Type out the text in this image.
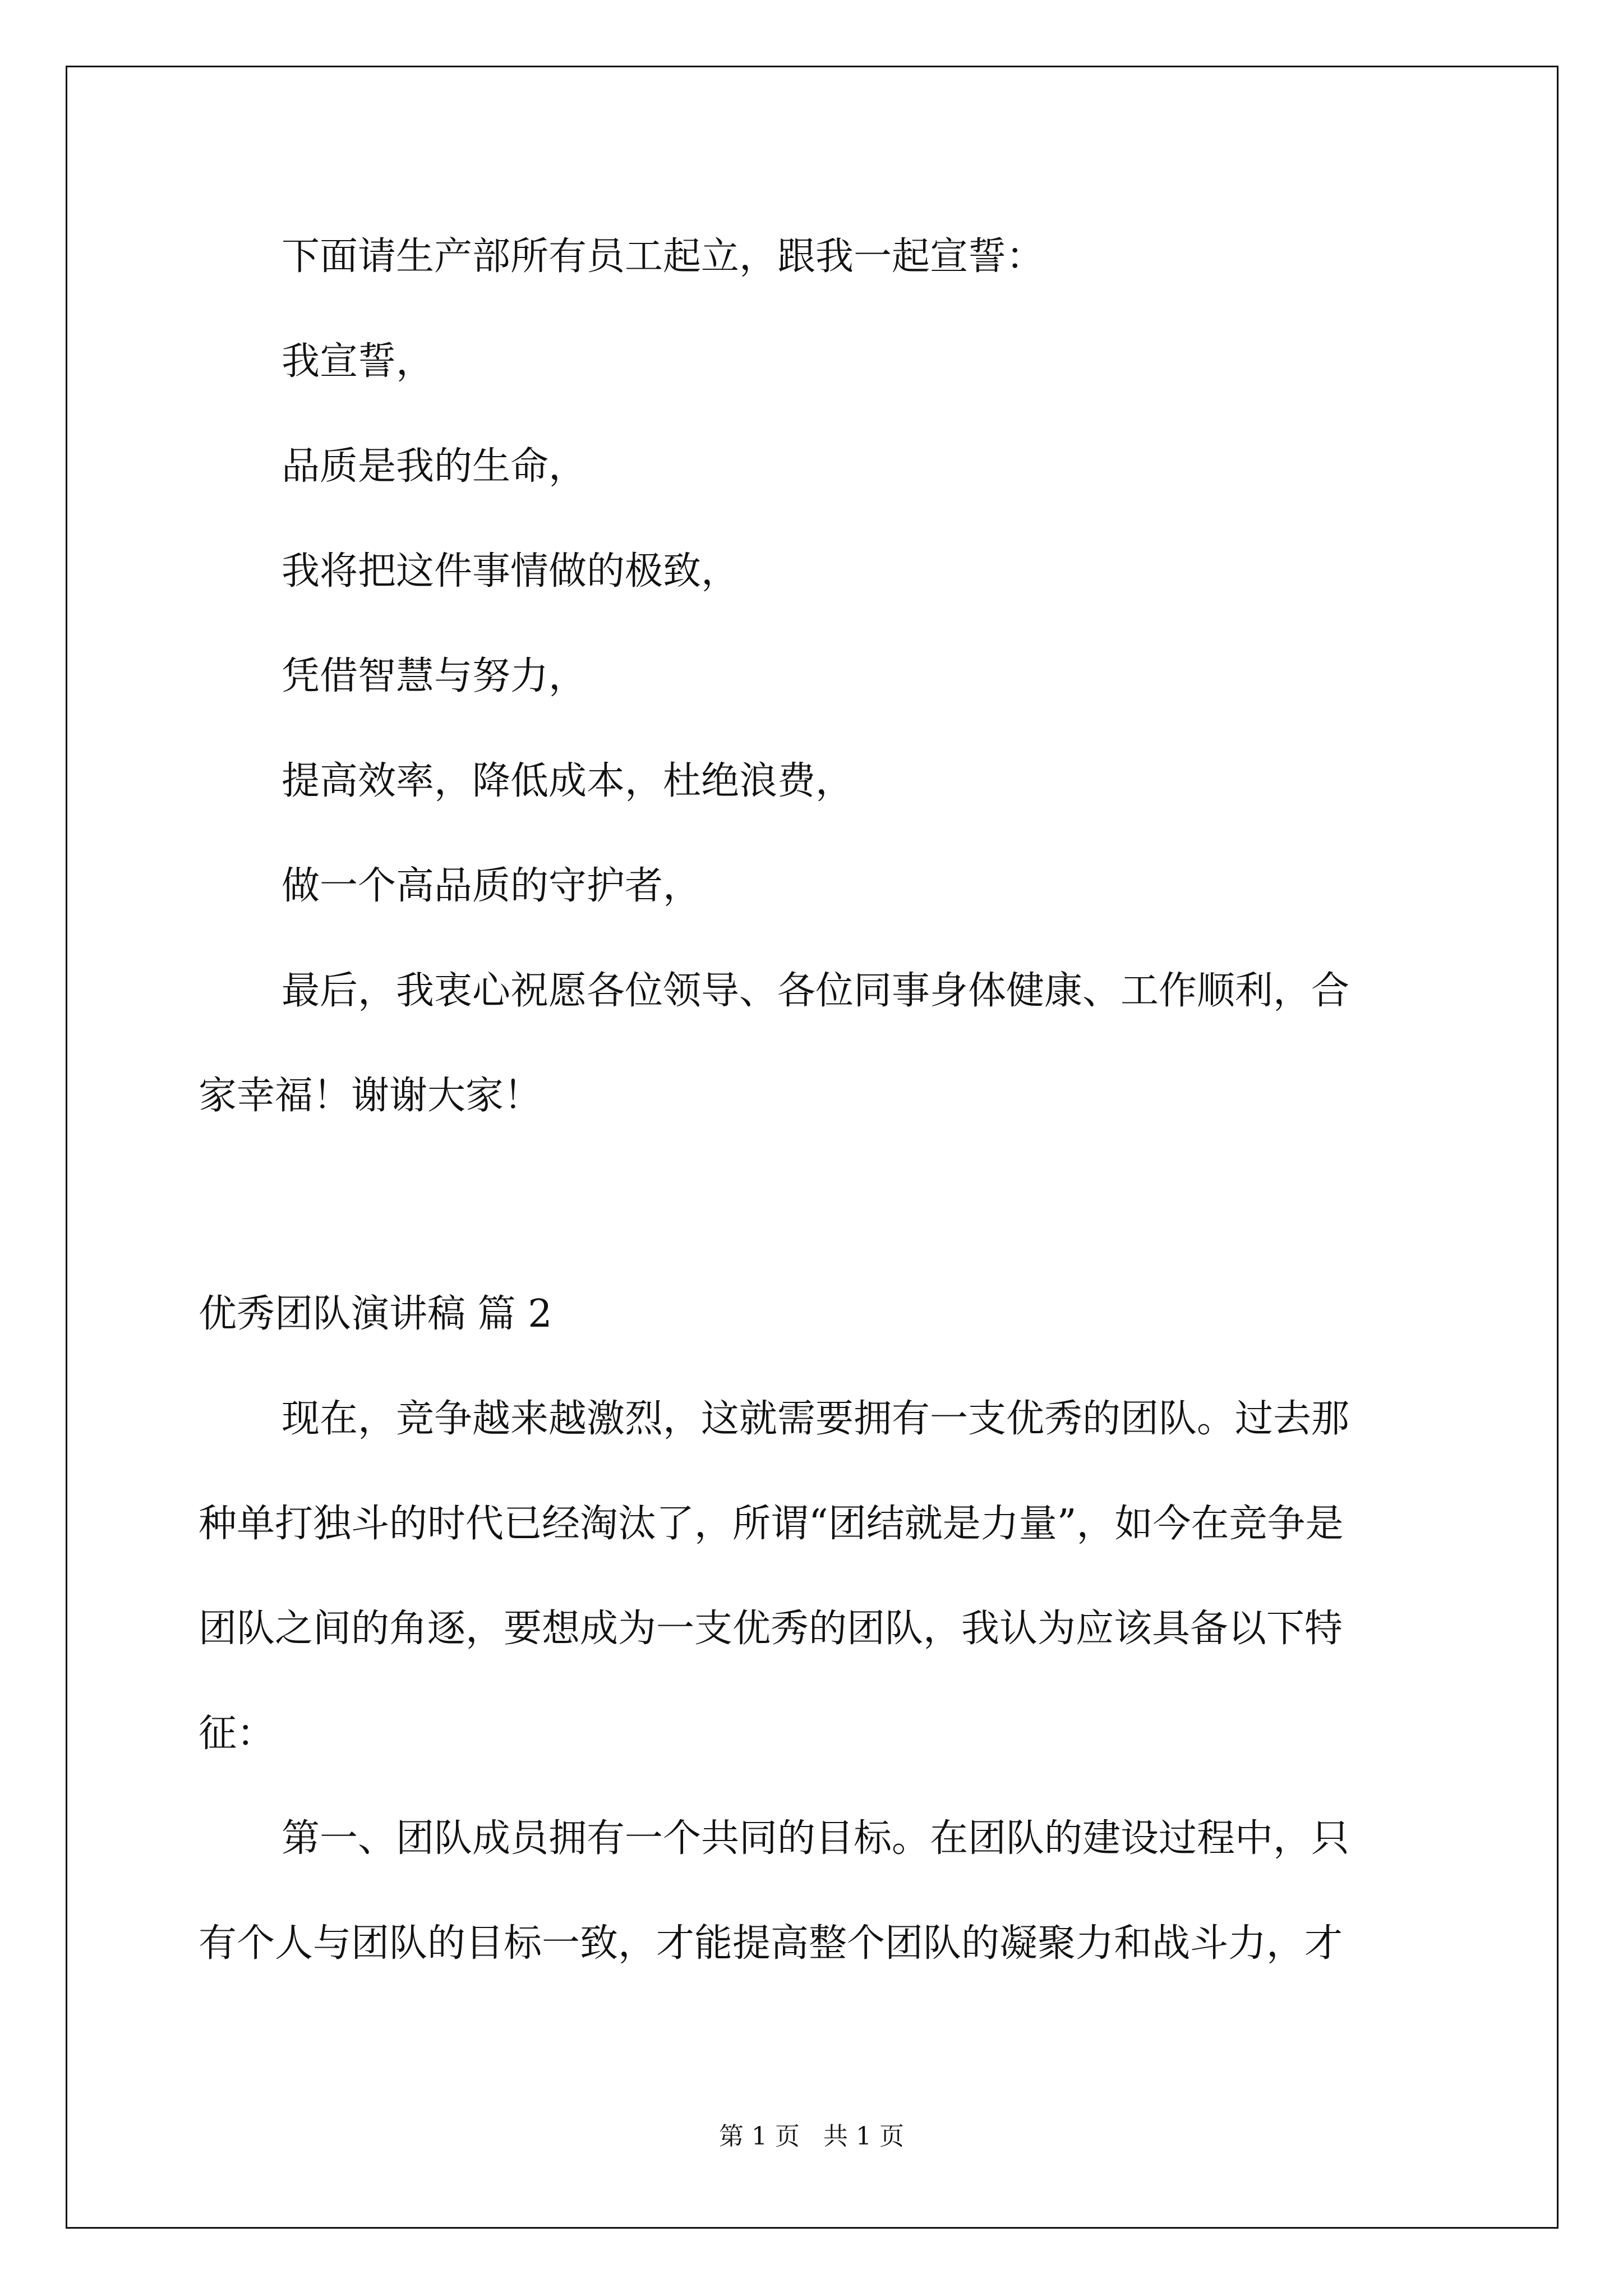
下面请生产部所有员工起立，跟我一起宣誓：

我宣誓，

品质是我的生命，

我将把这件事情做的极致，

凭借智慧与努力，

提高效率，降低成本，杜绝浪费，

做一个高品质的守护者，

最后，我衷心祝愿各位领导、各位同事身体健康、工作顺利，合

家幸福！谢谢大家！

优秀团队演讲稿 篇 2

现在，竞争越来越激烈，这就需要拥有一支优秀的团队。过去那

种单打独斗的时代已经淘汰了，所谓“团结就是力量”，如今在竞争是

团队之间的角逐，要想成为一支优秀的团队，我认为应该具备以下特

征：

第一、团队成员拥有一个共同的目标。在团队的建设过程中，只

有个人与团队的目标一致，才能提高整个团队的凝聚力和战斗力，才

第 1 页   共 1 页
